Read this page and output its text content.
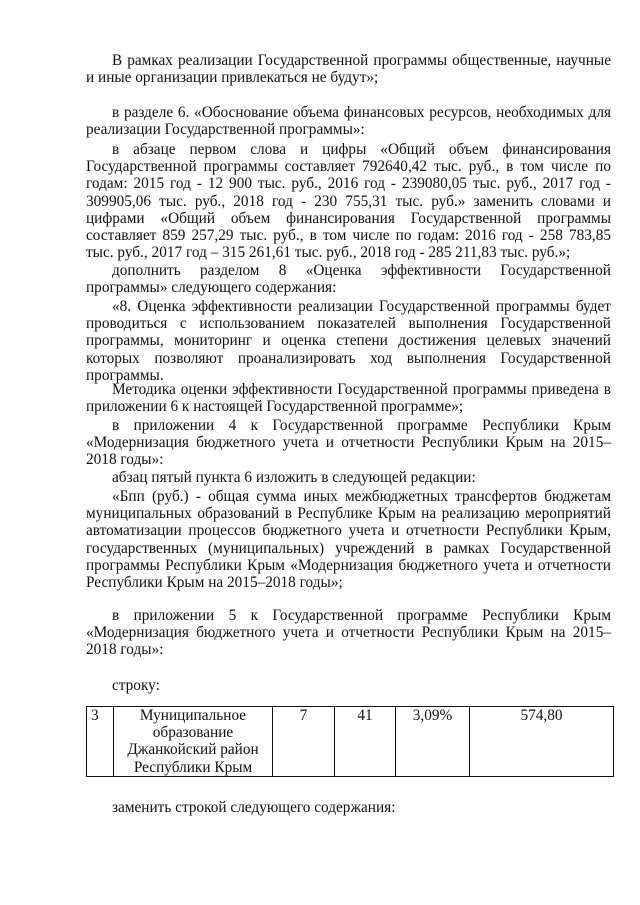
В рамках реализации Государственной программы общественные, научные и иные организации привлекаться не будут»;

в разделе 6. «Обоснование объема финансовых ресурсов, необходимых для реализации Государственной программы»:

в абзаце первом слова и цифры «Общий объем финансирования Государственной программы составляет 792640,42 тыс. руб., в том числе по годам: 2015 год - 12 900 тыс. руб., 2016 год - 239080,05 тыс. руб., 2017 год - 309905,06 тыс. руб., 2018 год - 230 755,31 тыс. руб.» заменить словами и цифрами «Общий объем финансирования Государственной программы составляет 859 257,29 тыс. руб., в том числе по годам: 2016 год - 258 783,85 тыс. руб., 2017 год – 315 261,61 тыс. руб., 2018 год - 285 211,83 тыс. руб.»;

дополнить разделом 8 «Оценка эффективности Государственной программы» следующего содержания:

«8. Оценка эффективности реализации Государственной программы будет проводиться с использованием показателей выполнения Государственной программы, мониторинг и оценка степени достижения целевых значений которых позволяют проанализировать ход выполнения Государственной программы.

Методика оценки эффективности Государственной программы приведена в приложении 6 к настоящей Государственной программе»;

в приложении 4 к Государственной программе Республики Крым «Модернизация бюджетного учета и отчетности Республики Крым на 2015–2018 годы»:

абзац пятый пункта 6 изложить в следующей редакции:

«Бпп (руб.) - общая сумма иных межбюджетных трансфертов бюджетам муниципальных образований в Республике Крым на реализацию мероприятий автоматизации процессов бюджетного учета и отчетности Республики Крым, государственных (муниципальных) учреждений в рамках Государственной программы Республики Крым «Модернизация бюджетного учета и отчетности Республики Крым на 2015–2018 годы»;

в приложении 5 к Государственной программе Республики Крым «Модернизация бюджетного учета и отчетности Республики Крым на 2015–2018 годы»:

строку:

3	Муниципальное образование Джанкойский район Республики Крым	7	41	3,09%	574,80

заменить строкой следующего содержания:
